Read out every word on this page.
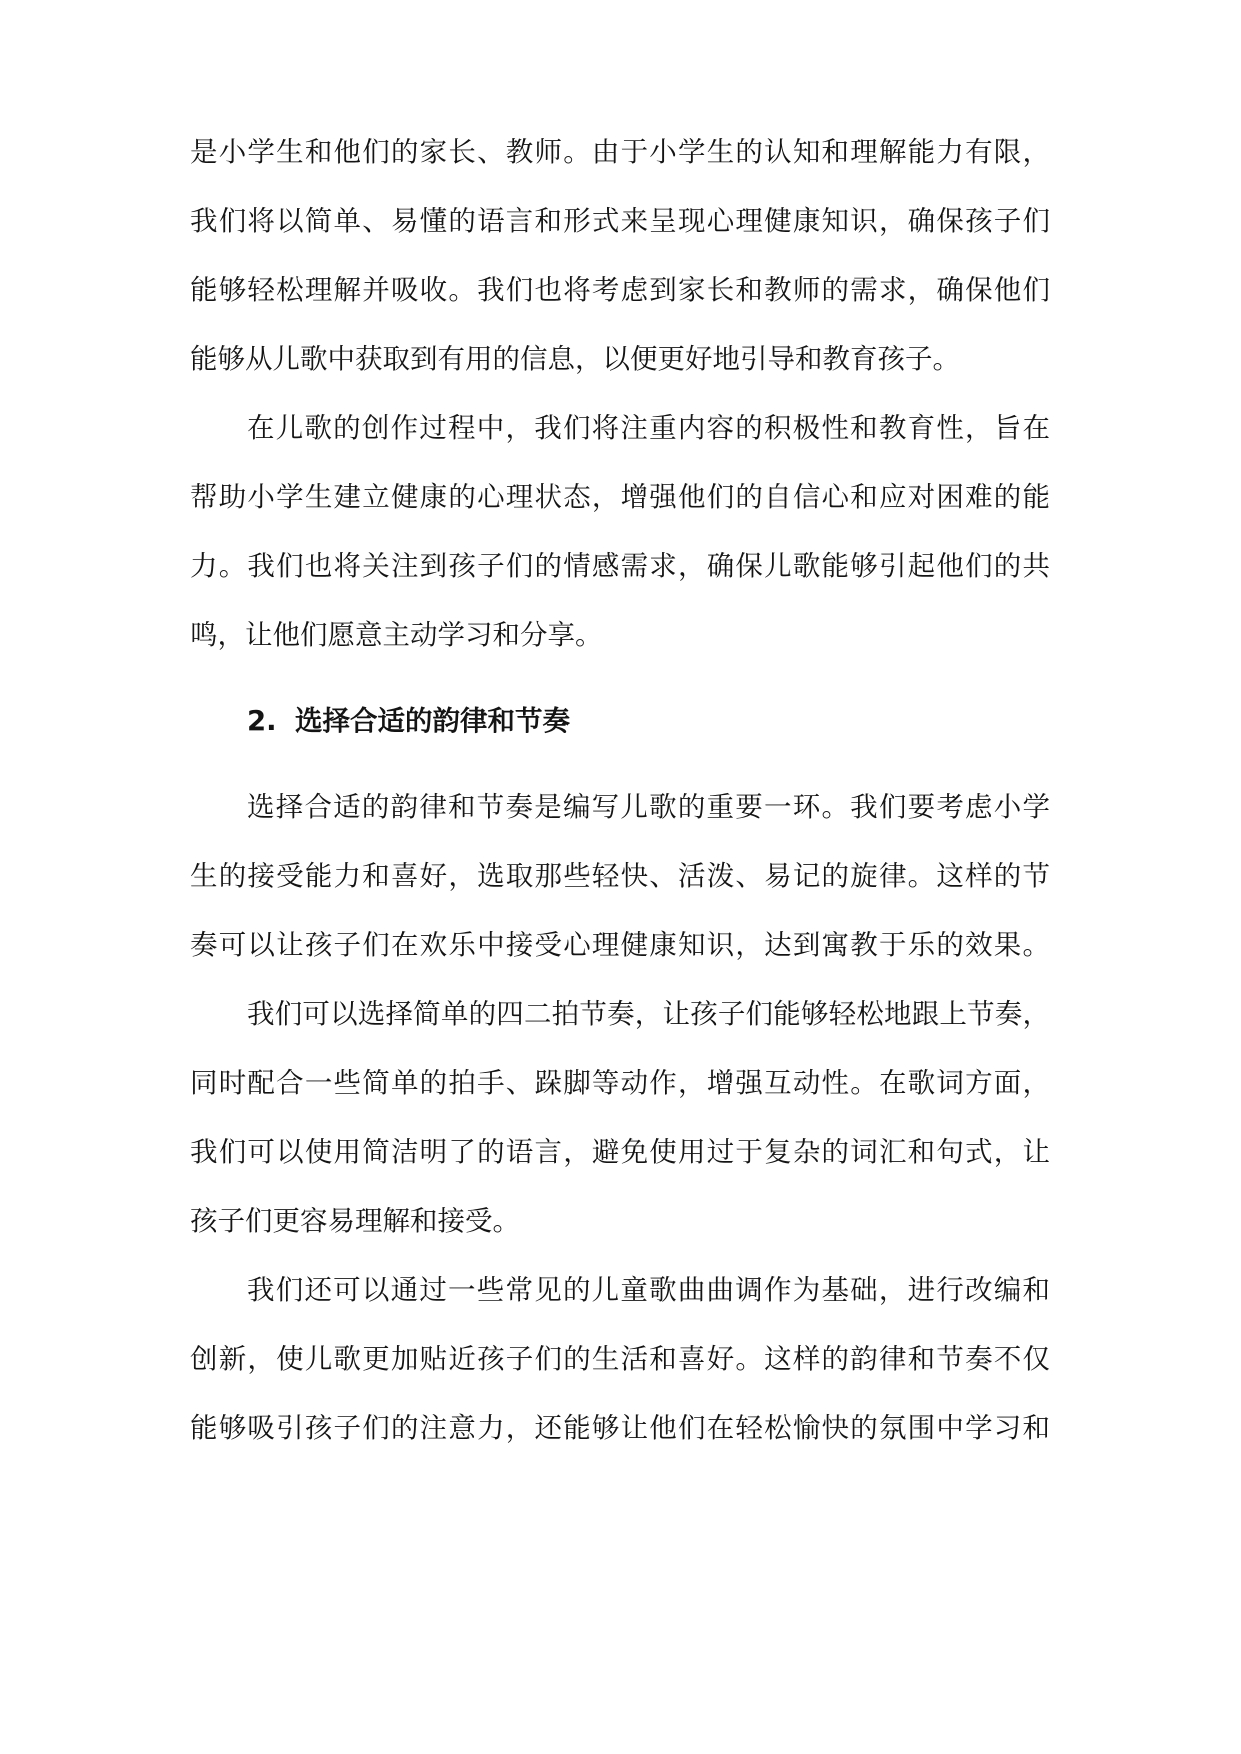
是小学生和他们的家长、教师。由于小学生的认知和理解能力有限，
我们将以简单、易懂的语言和形式来呈现心理健康知识，确保孩子们
能够轻松理解并吸收。我们也将考虑到家长和教师的需求，确保他们
能够从儿歌中获取到有用的信息，以便更好地引导和教育孩子。
在儿歌的创作过程中，我们将注重内容的积极性和教育性，旨在
帮助小学生建立健康的心理状态，增强他们的自信心和应对困难的能
力。我们也将关注到孩子们的情感需求，确保儿歌能够引起他们的共
鸣，让他们愿意主动学习和分享。
2. 选择合适的韵律和节奏
选择合适的韵律和节奏是编写儿歌的重要一环。我们要考虑小学
生的接受能力和喜好，选取那些轻快、活泼、易记的旋律。这样的节
奏可以让孩子们在欢乐中接受心理健康知识，达到寓教于乐的效果。
我们可以选择简单的四二拍节奏，让孩子们能够轻松地跟上节奏，
同时配合一些简单的拍手、跺脚等动作，增强互动性。在歌词方面，
我们可以使用简洁明了的语言，避免使用过于复杂的词汇和句式，让
孩子们更容易理解和接受。
我们还可以通过一些常见的儿童歌曲曲调作为基础，进行改编和
创新，使儿歌更加贴近孩子们的生活和喜好。这样的韵律和节奏不仅
能够吸引孩子们的注意力，还能够让他们在轻松愉快的氛围中学习和
